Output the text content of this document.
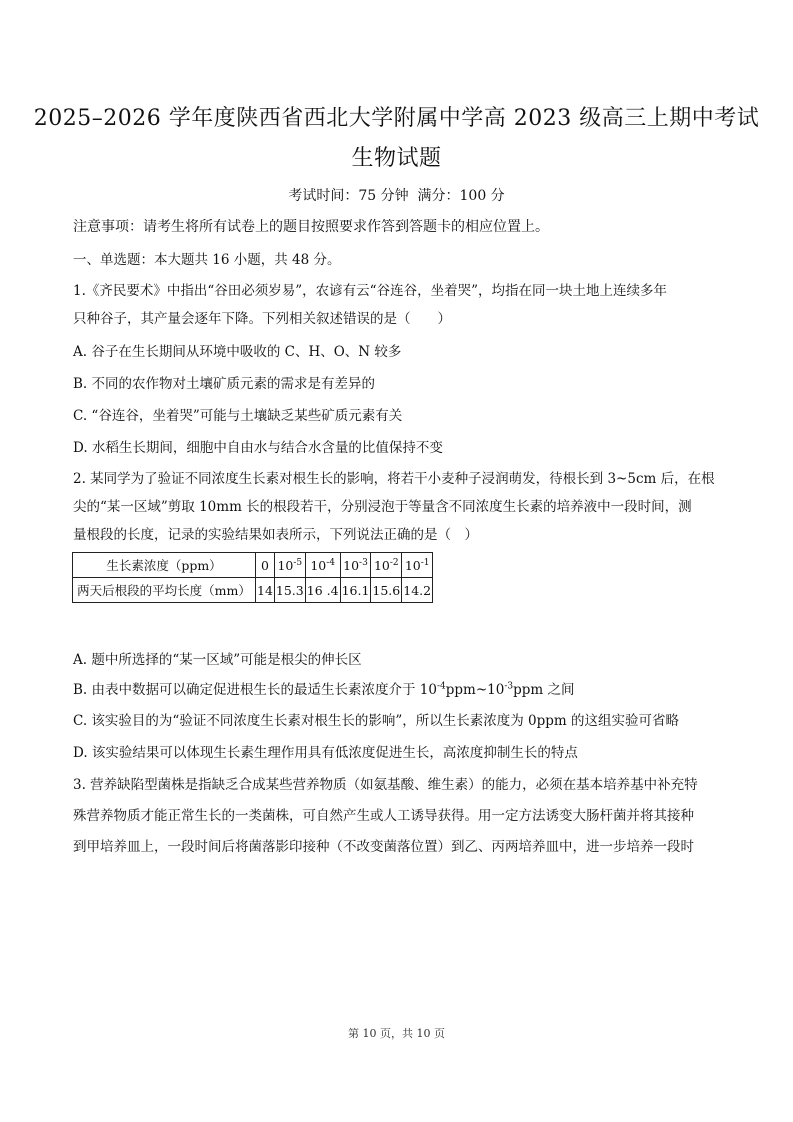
2025–2026 学年度陕西省西北大学附属中学高 2023 级高三上期中考试
生物试题
考试时间：75 分钟 满分：100 分
注意事项：请考生将所有试卷上的题目按照要求作答到答题卡的相应位置上。
一、单选题：本大题共 16 小题，共 48 分。
1.《齐民要术》中指出“谷田必须岁易”，农谚有云“谷连谷，坐着哭”，均指在同一块土地上连续多年
只种谷子，其产量会逐年下降。下列相关叙述错误的是（　　）
A. 谷子在生长期间从环境中吸收的 C、H、O、N 较多
B. 不同的农作物对土壤矿质元素的需求是有差异的
C. “谷连谷，坐着哭”可能与土壤缺乏某些矿质元素有关
D. 水稻生长期间，细胞中自由水与结合水含量的比值保持不变
2. 某同学为了验证不同浓度生长素对根生长的影响，将若干小麦种子浸润萌发，待根长到 3~5cm 后，在根
尖的“某一区域”剪取 10mm 长的根段若干，分别浸泡于等量含不同浓度生长素的培养液中一段时间，测
量根段的长度，记录的实验结果如表所示，下列说法正确的是（　）
生长素浓度（ppm）	0	$10^{-5}$	$10^{-4}$	$10^{-3}$	$10^{-2}$	$10^{-1}$
两天后根段的平均长度（mm）	14	15.3	16 .4	16.1	15.6	14.2
A. 题中所选择的“某一区域”可能是根尖的伸长区
B. 由表中数据可以确定促进根生长的最适生长素浓度介于 $10^{-4}ppm\sim 10^{-3}ppm$ 之间
C. 该实验目的为“验证不同浓度生长素对根生长的影响”，所以生长素浓度为 0ppm 的这组实验可省略
D. 该实验结果可以体现生长素生理作用具有低浓度促进生长，高浓度抑制生长的特点
3. 营养缺陷型菌株是指缺乏合成某些营养物质（如氨基酸、维生素）的能力，必须在基本培养基中补充特
殊营养物质才能正常生长的一类菌株，可自然产生或人工诱导获得。用一定方法诱变大肠杆菌并将其接种
到甲培养皿上，一段时间后将菌落影印接种（不改变菌落位置）到乙、丙两培养皿中，进一步培养一段时
第 10 页，共 10 页
